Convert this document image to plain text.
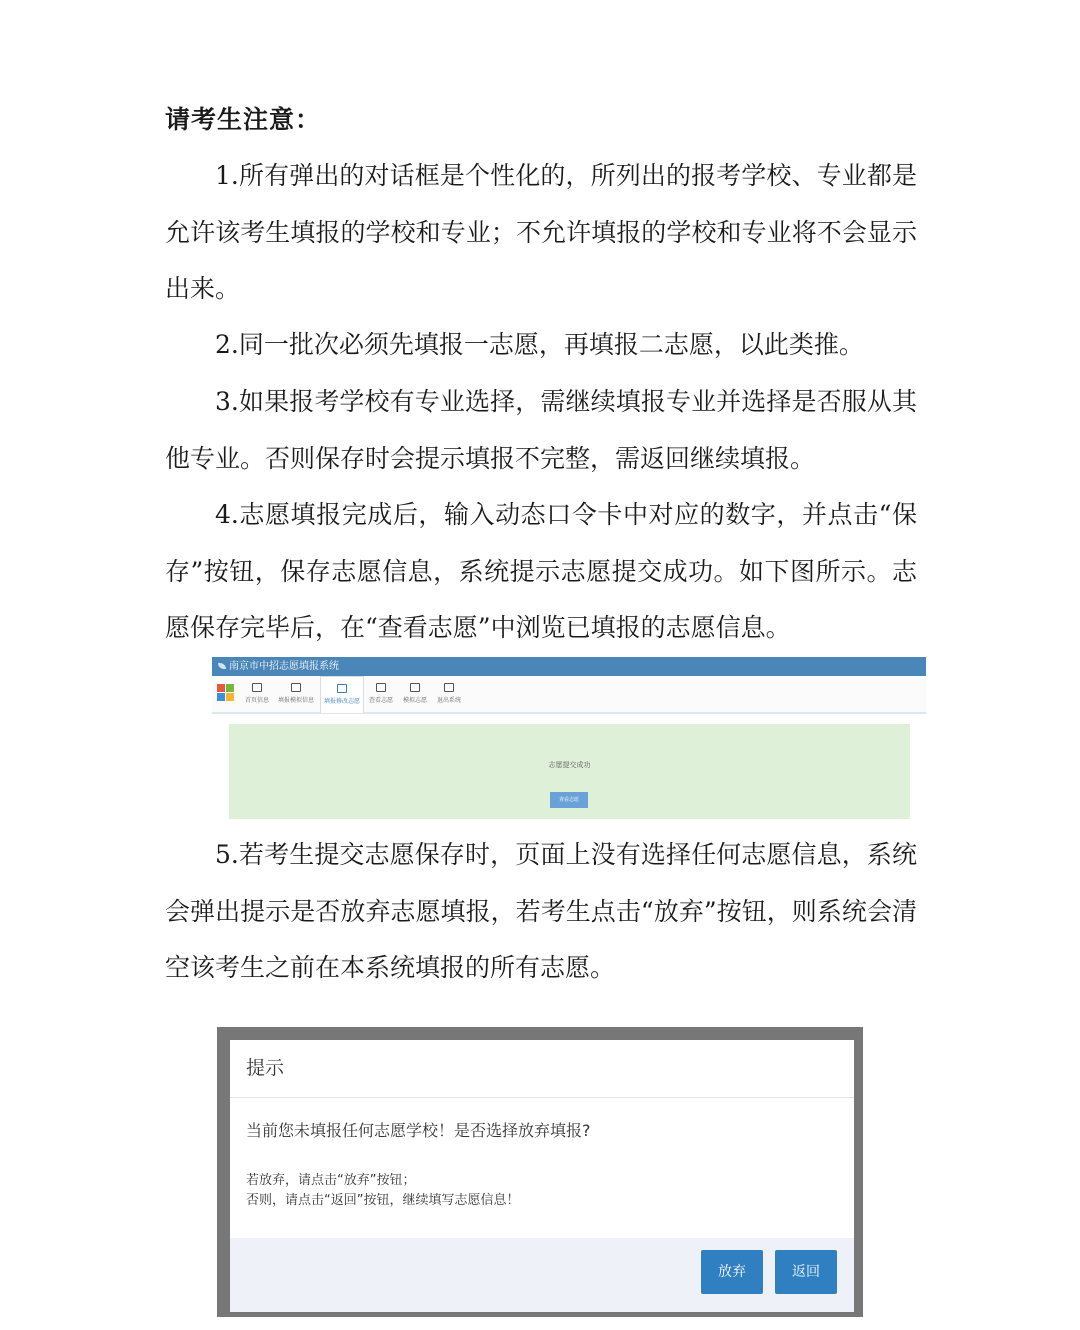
请考生注意：
1.所有弹出的对话框是个性化的，所列出的报考学校、专业都是允许该考生填报的学校和专业；不允许填报的学校和专业将不会显示出来。
2.同一批次必须先填报一志愿，再填报二志愿，以此类推。
3.如果报考学校有专业选择，需继续填报专业并选择是否服从其他专业。否则保存时会提示填报不完整，需返回继续填报。
4.志愿填报完成后，输入动态口令卡中对应的数字，并点击“保存”按钮，保存志愿信息，系统提示志愿提交成功。如下图所示。志愿保存完毕后，在“查看志愿”中浏览已填报的志愿信息。
南京市中招志愿填报系统
首页信息	填报模拟信息	填报修改志愿	查看志愿	模拟志愿	退出系统
志愿提交成功
查看志愿
5.若考生提交志愿保存时，页面上没有选择任何志愿信息，系统会弹出提示是否放弃志愿填报，若考生点击“放弃”按钮，则系统会清空该考生之前在本系统填报的所有志愿。
提示
当前您未填报任何志愿学校！是否选择放弃填报?
若放弃，请点击“放弃”按钮；
否则，请点击“返回”按钮，继续填写志愿信息！
放弃	返回
